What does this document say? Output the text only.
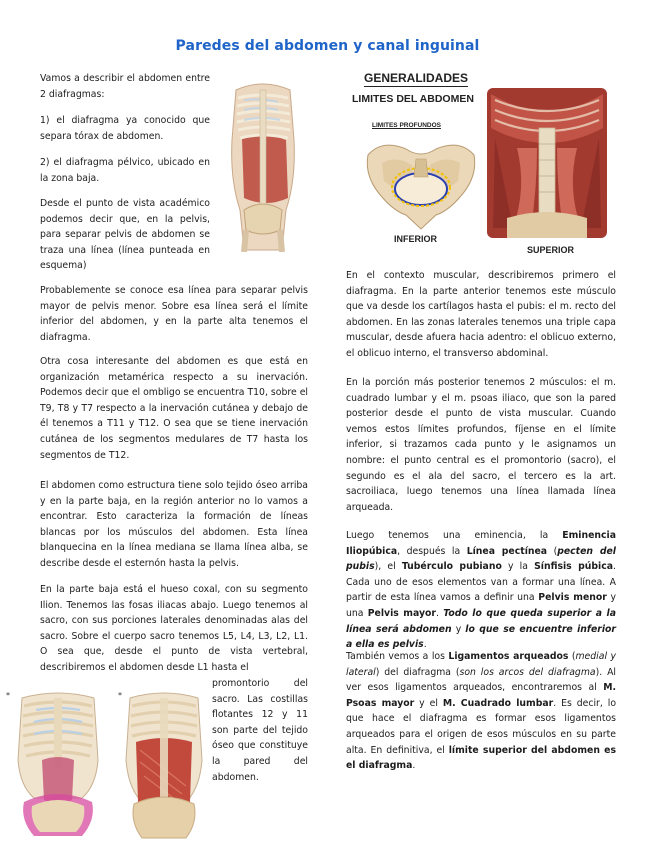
Paredes del abdomen y canal inguinal

Vamos a describir el abdomen entre 2 diafragmas:

1) el diafragma ya conocido que separa tórax de abdomen.

2) el diafragma pélvico, ubicado en la zona baja.

Desde el punto de vista académico podemos decir que, en la pelvis, para separar pelvis de abdomen se traza una línea (línea punteada en esquema)

Probablemente se conoce esa línea para separar pelvis mayor de pelvis menor. Sobre esa línea será el límite inferior del abdomen, y en la parte alta tenemos el diafragma.

Otra cosa interesante del abdomen es que está en organización metamérica respecto a su inervación. Podemos decir que el ombligo se encuentra T10, sobre el T9, T8 y T7 respecto a la inervación cutánea y debajo de él tenemos a T11 y T12. O sea que se tiene inervación cutánea de los segmentos medulares de T7 hasta los segmentos de T12.

El abdomen como estructura tiene solo tejido óseo arriba y en la parte baja, en la región anterior no lo vamos a encontrar. Esto caracteriza la formación de líneas blancas por los músculos del abdomen. Esta línea blanquecina en la línea mediana se llama línea alba, se describe desde el esternón hasta la pelvis.

En la parte baja está el hueso coxal, con su segmento Ilion. Tenemos las fosas iliacas abajo. Luego tenemos al sacro, con sus porciones laterales denominadas alas del sacro. Sobre el cuerpo sacro tenemos L5, L4, L3, L2, L1. O sea que, desde el punto de vista vertebral, describiremos el abdomen desde L1 hasta el

promontorio del sacro. Las costillas flotantes 12 y 11 son parte del tejido óseo que constituye la pared del abdomen.

GENERALIDADES
LIMITES DEL ABDOMEN
LIMITES PROFUNDOS
INFERIOR
SUPERIOR

En el contexto muscular, describiremos primero el diafragma. En la parte anterior tenemos este músculo que va desde los cartílagos hasta el pubis: el m. recto del abdomen. En las zonas laterales tenemos una triple capa muscular, desde afuera hacia adentro: el oblicuo externo, el oblicuo interno, el transverso abdominal.

En la porción más posterior tenemos 2 músculos: el m. cuadrado lumbar y el m. psoas iliaco, que son la pared posterior desde el punto de vista muscular. Cuando vemos estos límites profundos, fíjense en el límite inferior, si trazamos cada punto y le asignamos un nombre: el punto central es el promontorio (sacro), el segundo es el ala del sacro, el tercero es la art. sacroiliaca, luego tenemos una línea llamada línea arqueada.

Luego tenemos una eminencia, la Eminencia Iliopúbica, después la Línea pectínea (pecten del pubis), el Tubérculo pubiano y la Sínfisis púbica. Cada uno de esos elementos van a formar una línea. A partir de esta línea vamos a definir una Pelvis menor y una Pelvis mayor. Todo lo que queda superior a la línea será abdomen y lo que se encuentre inferior a ella es pelvis.

También vemos a los Ligamentos arqueados (medial y lateral) del diafragma (son los arcos del diafragma). Al ver esos ligamentos arqueados, encontraremos al M. Psoas mayor y el M. Cuadrado lumbar. Es decir, lo que hace el diafragma es formar esos ligamentos arqueados para el origen de esos músculos en su parte alta. En definitiva, el límite superior del abdomen es el diafragma.

*	*
